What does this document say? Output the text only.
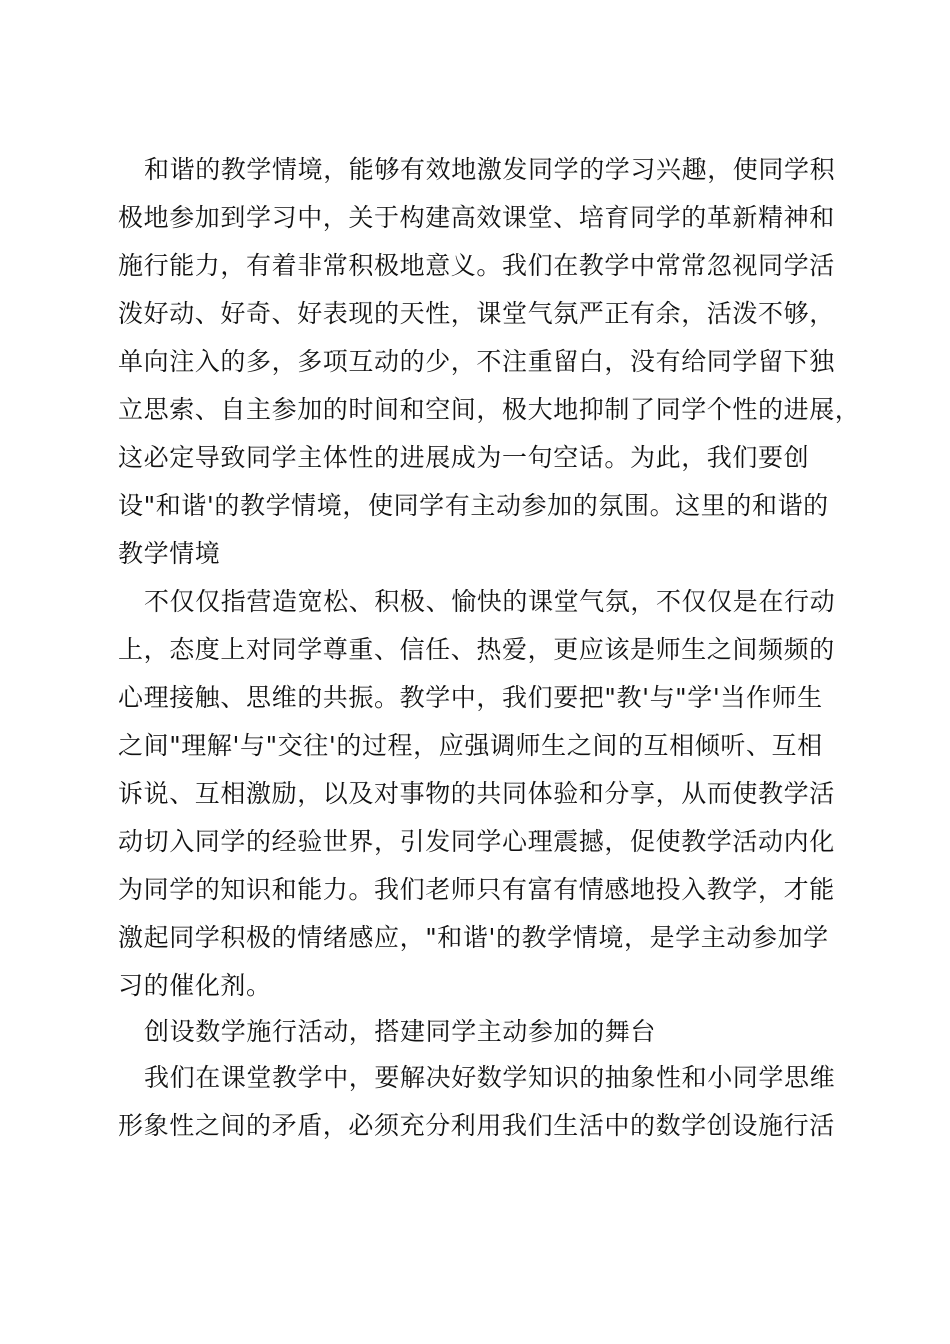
和谐的教学情境，能够有效地激发同学的学习兴趣，使同学积
极地参加到学习中，关于构建高效课堂、培育同学的革新精神和
施行能力，有着非常积极地意义。我们在教学中常常忽视同学活
泼好动、好奇、好表现的天性，课堂气氛严正有余，活泼不够，
单向注入的多，多项互动的少，不注重留白，没有给同学留下独
立思索、自主参加的时间和空间，极大地抑制了同学个性的进展，
这必定导致同学主体性的进展成为一句空话。为此，我们要创
设"和谐'的教学情境，使同学有主动参加的氛围。这里的和谐的
教学情境
不仅仅指营造宽松、积极、愉快的课堂气氛，不仅仅是在行动
上，态度上对同学尊重、信任、热爱，更应该是师生之间频频的
心理接触、思维的共振。教学中，我们要把"教'与"学'当作师生
之间"理解'与"交往'的过程，应强调师生之间的互相倾听、互相
诉说、互相激励，以及对事物的共同体验和分享，从而使教学活
动切入同学的经验世界，引发同学心理震撼，促使教学活动内化
为同学的知识和能力。我们老师只有富有情感地投入教学，才能
激起同学积极的情绪感应，"和谐'的教学情境，是学主动参加学
习的催化剂。
创设数学施行活动，搭建同学主动参加的舞台
我们在课堂教学中，要解决好数学知识的抽象性和小同学思维
形象性之间的矛盾，必须充分利用我们生活中的数学创设施行活
